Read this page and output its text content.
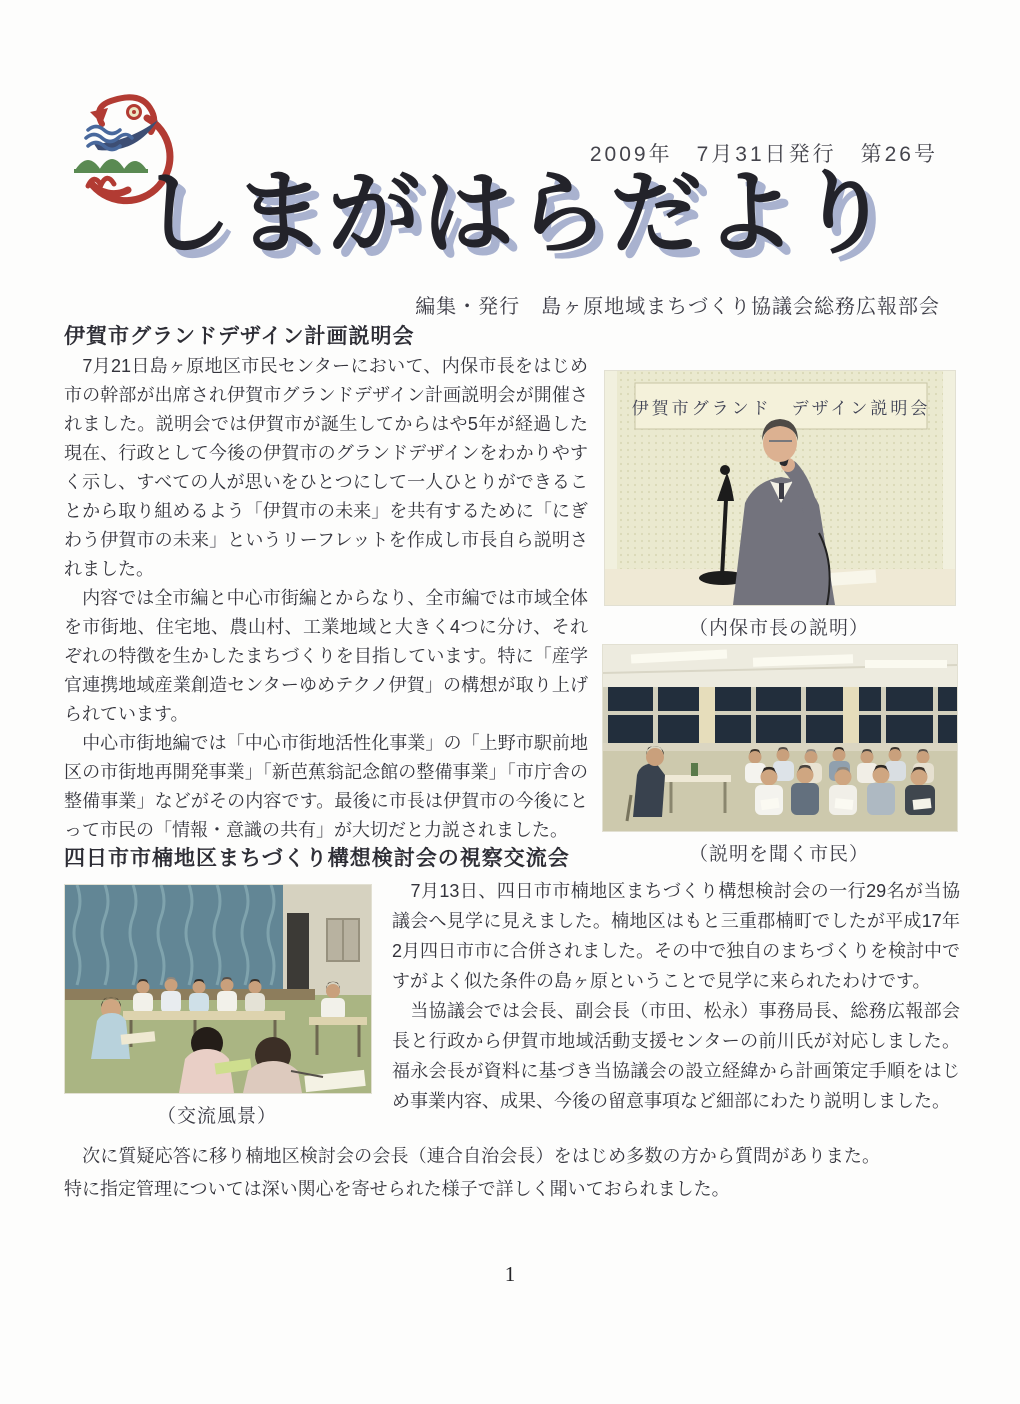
2009年　7月31日発行　第26号
しまがはらだより
編集・発行　島ヶ原地域まちづくり協議会総務広報部会
伊賀市グランドデザイン計画説明会

　7月21日島ヶ原地区市民センターにおいて、内保市長をはじめ市の幹部が出席され伊賀市グランドデザイン計画説明会が開催されました。説明会では伊賀市が誕生してからはや5年が経過した現在、行政として今後の伊賀市のグランドデザインをわかりやすく示し、すべての人が思いをひとつにして一人ひとりができることから取り組めるよう「伊賀市の未来」を共有するために「にぎわう伊賀市の未来」というリーフレットを作成し市長自ら説明されました。

　内容では全市編と中心市街編とからなり、全市編では市域全体を市街地、住宅地、農山村、工業地域と大きく4つに分け、それぞれの特徴を生かしたまちづくりを目指しています。特に「産学官連携地域産業創造センターゆめテクノ伊賀」の構想が取り上げられています。

　中心市街地編では「中心市街地活性化事業」の「上野市駅前地区の市街地再開発事業」「新芭蕉翁記念館の整備事業」「市庁舎の整備事業」などがその内容です。最後に市長は伊賀市の今後にとって市民の「情報・意識の共有」が大切だと力説されました。

伊賀市グランド　デザイン説明会
（内保市長の説明）
（説明を聞く市民）
四日市市楠地区まちづくり構想検討会の視察交流会
（交流風景）

　7月13日、四日市市楠地区まちづくり構想検討会の一行29名が当協議会へ見学に見えました。楠地区はもと三重郡楠町でしたが平成17年2月四日市市に合併されました。その中で独自のまちづくりを検討中ですがよく似た条件の島ヶ原ということで見学に来られたわけです。

　当協議会では会長、副会長（市田、松永）事務局長、総務広報部会長と行政から伊賀市地域活動支援センターの前川氏が対応しました。福永会長が資料に基づき当協議会の設立経緯から計画策定手順をはじめ事業内容、成果、今後の留意事項など細部にわたり説明しました。

　次に質疑応答に移り楠地区検討会の会長（連合自治会長）をはじめ多数の方から質問がありまた。特に指定管理については深い関心を寄せられた様子で詳しく聞いておられました。

1
